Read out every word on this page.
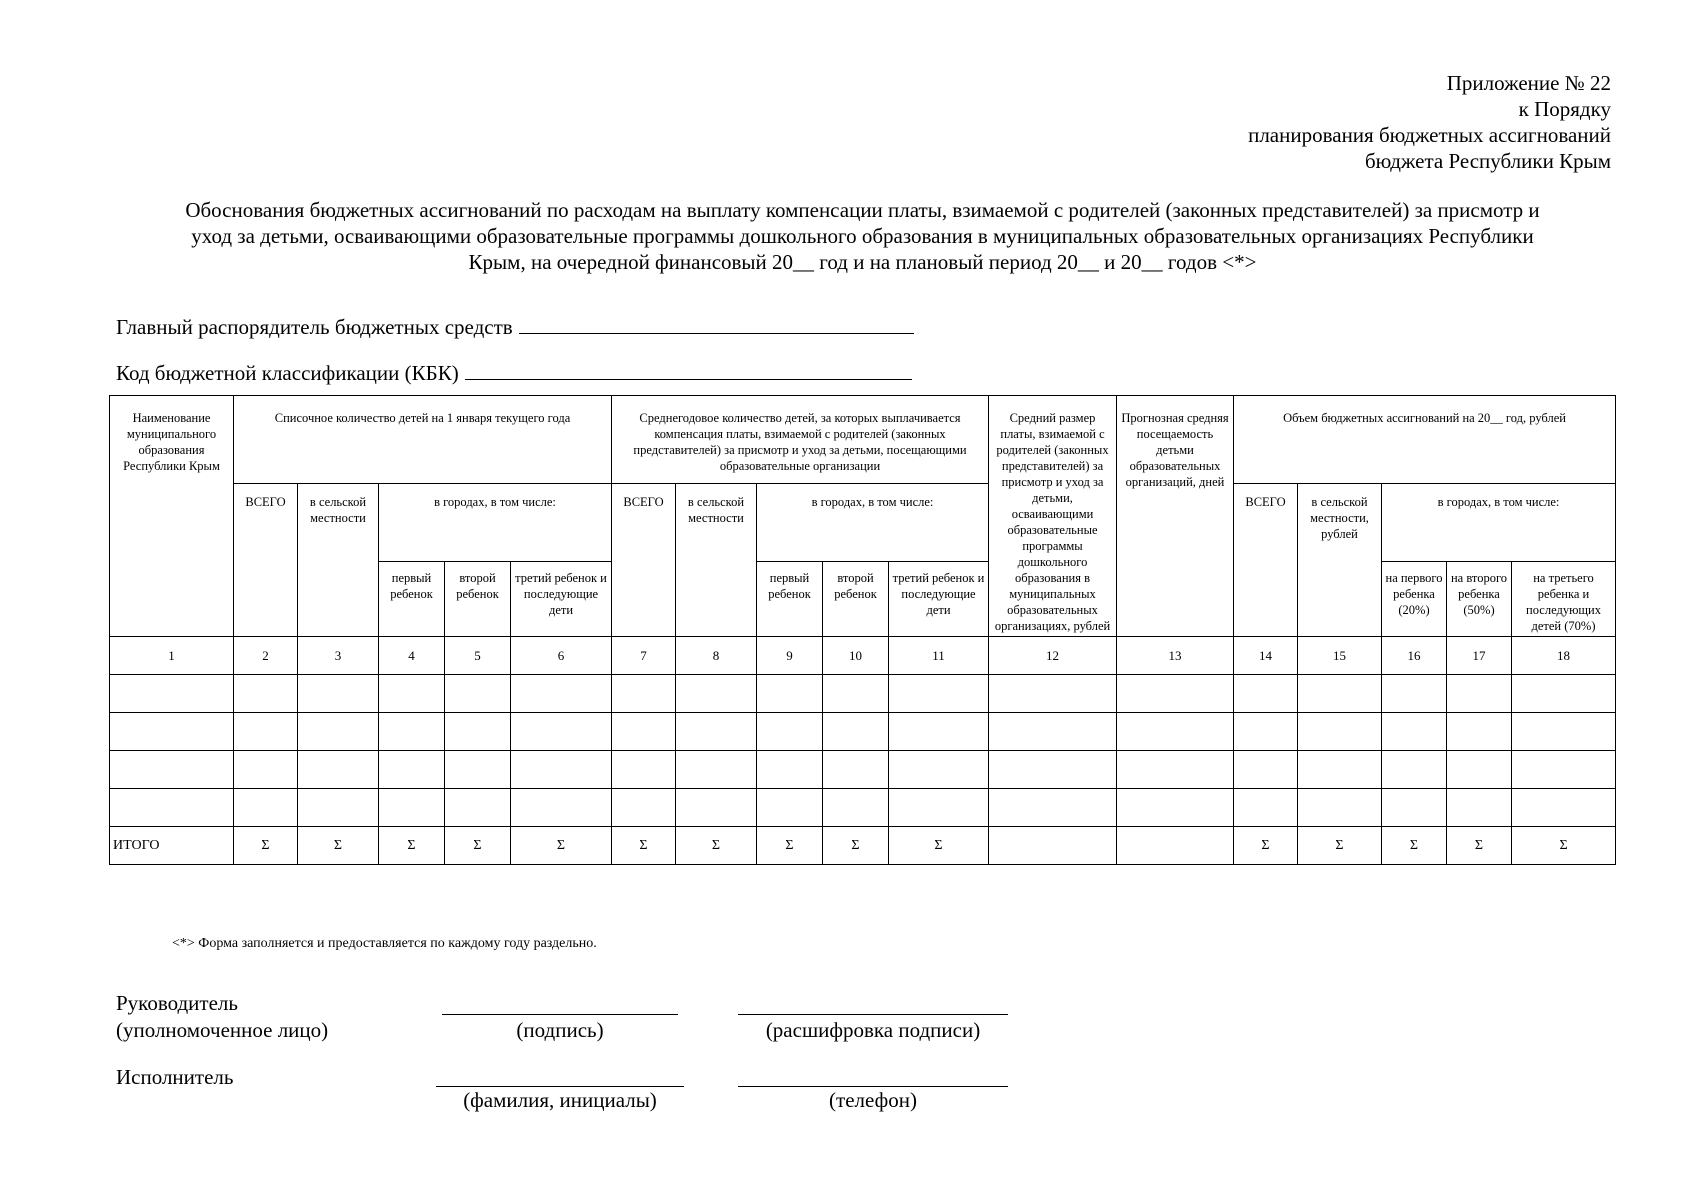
Приложение № 22
к Порядку
планирования бюджетных ассигнований
бюджета Республики Крым
Обоснования бюджетных ассигнований по расходам на выплату компенсации платы, взимаемой с родителей (законных представителей) за присмотр и
уход за детьми, осваивающими образовательные программы дошкольного образования в муниципальных образовательных организациях Республики
Крым, на очередной финансовый 20__ год и на плановый период 20__ и 20__ годов <*>
Главный распорядитель бюджетных средств
Код бюджетной классификации (КБК)
Наименование муниципального образования Республики Крым	Списочное количество детей на 1 января текущего года					Среднегодовое количество детей, за которых выплачивается компенсация платы, взимаемой с родителей (законных представителей) за присмотр и уход за детьми, посещающими образовательные организации					Средний размер платы, взимаемой с родителей (законных представителей) за присмотр и уход за детьми, осваивающими образовательные программы дошкольного образования в муниципальных образовательных организациях, рублей	Прогнозная средняя посещаемость детьми образовательных организаций, дней	Объем бюджетных ассигнований на 20__ год, рублей				
	ВСЕГО	в сельской местности	в городах, в том числе:			ВСЕГО	в сельской местности	в городах, в том числе:					ВСЕГО	в сельской местности, рублей	в городах, в том числе:		
			первый ребенок	второй ребенок	третий ребенок и последующие дети			первый ребенок	второй ребенок	третий ребенок и последующие дети					на первого ребенка (20%)	на второго ребенка (50%)	на третьего ребенка и последующих детей (70%)
1	2	3	4	5	6	7	8	9	10	11	12	13	14	15	16	17	18

ИТОГО	Σ	Σ	Σ	Σ	Σ	Σ	Σ	Σ	Σ	Σ			Σ	Σ	Σ	Σ	Σ
<*> Форма заполняется и предоставляется по каждому году раздельно.
Руководитель
(уполномоченное лицо)	(подпись)	(расшифровка подписи)
Исполнитель
(фамилия, инициалы)	(телефон)
